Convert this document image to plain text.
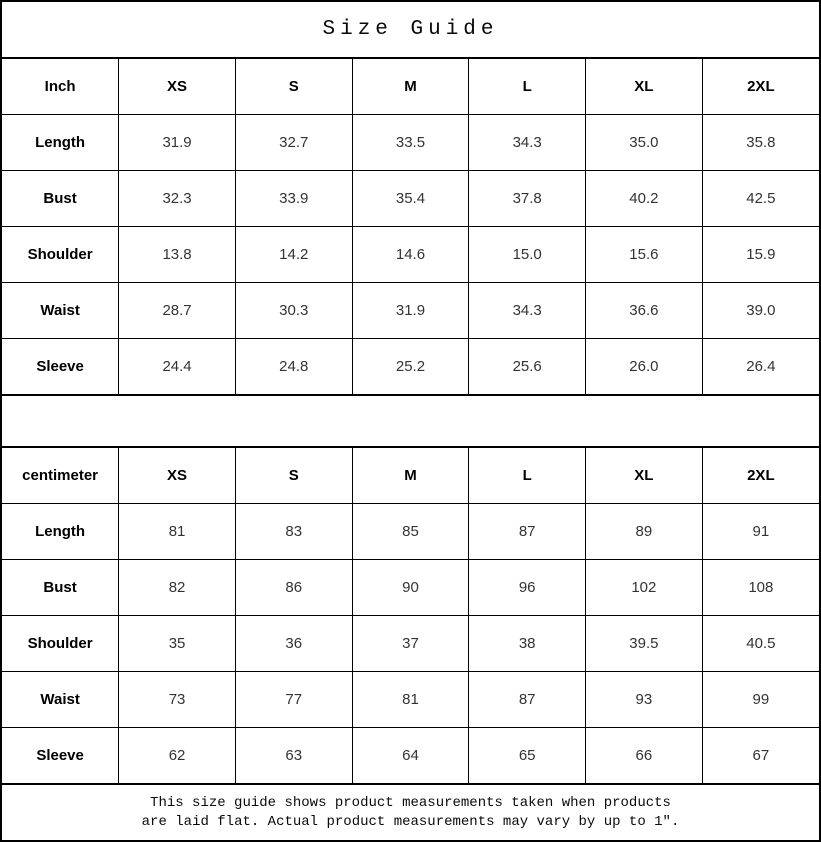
Size Guide
Inch	XS	S	M	L	XL	2XL
Length	31.9	32.7	33.5	34.3	35.0	35.8
Bust	32.3	33.9	35.4	37.8	40.2	42.5
Shoulder	13.8	14.2	14.6	15.0	15.6	15.9
Waist	28.7	30.3	31.9	34.3	36.6	39.0
Sleeve	24.4	24.8	25.2	25.6	26.0	26.4
centimeter	XS	S	M	L	XL	2XL
Length	81	83	85	87	89	91
Bust	82	86	90	96	102	108
Shoulder	35	36	37	38	39.5	40.5
Waist	73	77	81	87	93	99
Sleeve	62	63	64	65	66	67
This size guide shows product measurements taken when products
are laid flat. Actual product measurements may vary by up to 1″.
